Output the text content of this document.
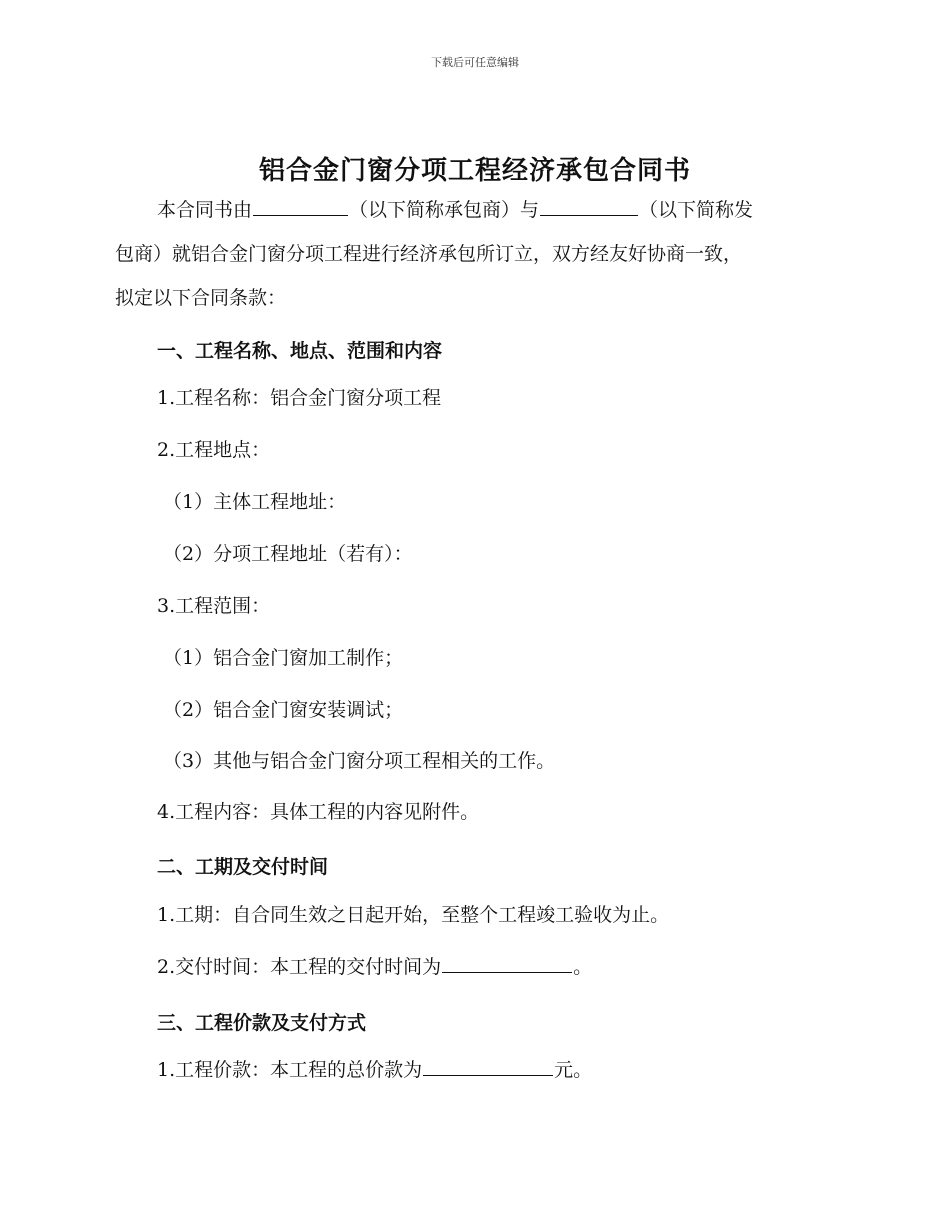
下载后可任意编辑
铝合金门窗分项工程经济承包合同书
本合同书由	（以下简称承包商）与	（以下简称发
包商）就铝合金门窗分项工程进行经济承包所订立，双方经友好协商一致，
拟定以下合同条款：
一、工程名称、地点、范围和内容
1.工程名称：铝合金门窗分项工程
2.工程地点：
（1）主体工程地址：
（2）分项工程地址（若有）：
3.工程范围：
（1）铝合金门窗加工制作；
（2）铝合金门窗安装调试；
（3）其他与铝合金门窗分项工程相关的工作。
4.工程内容：具体工程的内容见附件。
二、工期及交付时间
1.工期：自合同生效之日起开始，至整个工程竣工验收为止。
2.交付时间：本工程的交付时间为	。
三、工程价款及支付方式
1.工程价款：本工程的总价款为	元。
